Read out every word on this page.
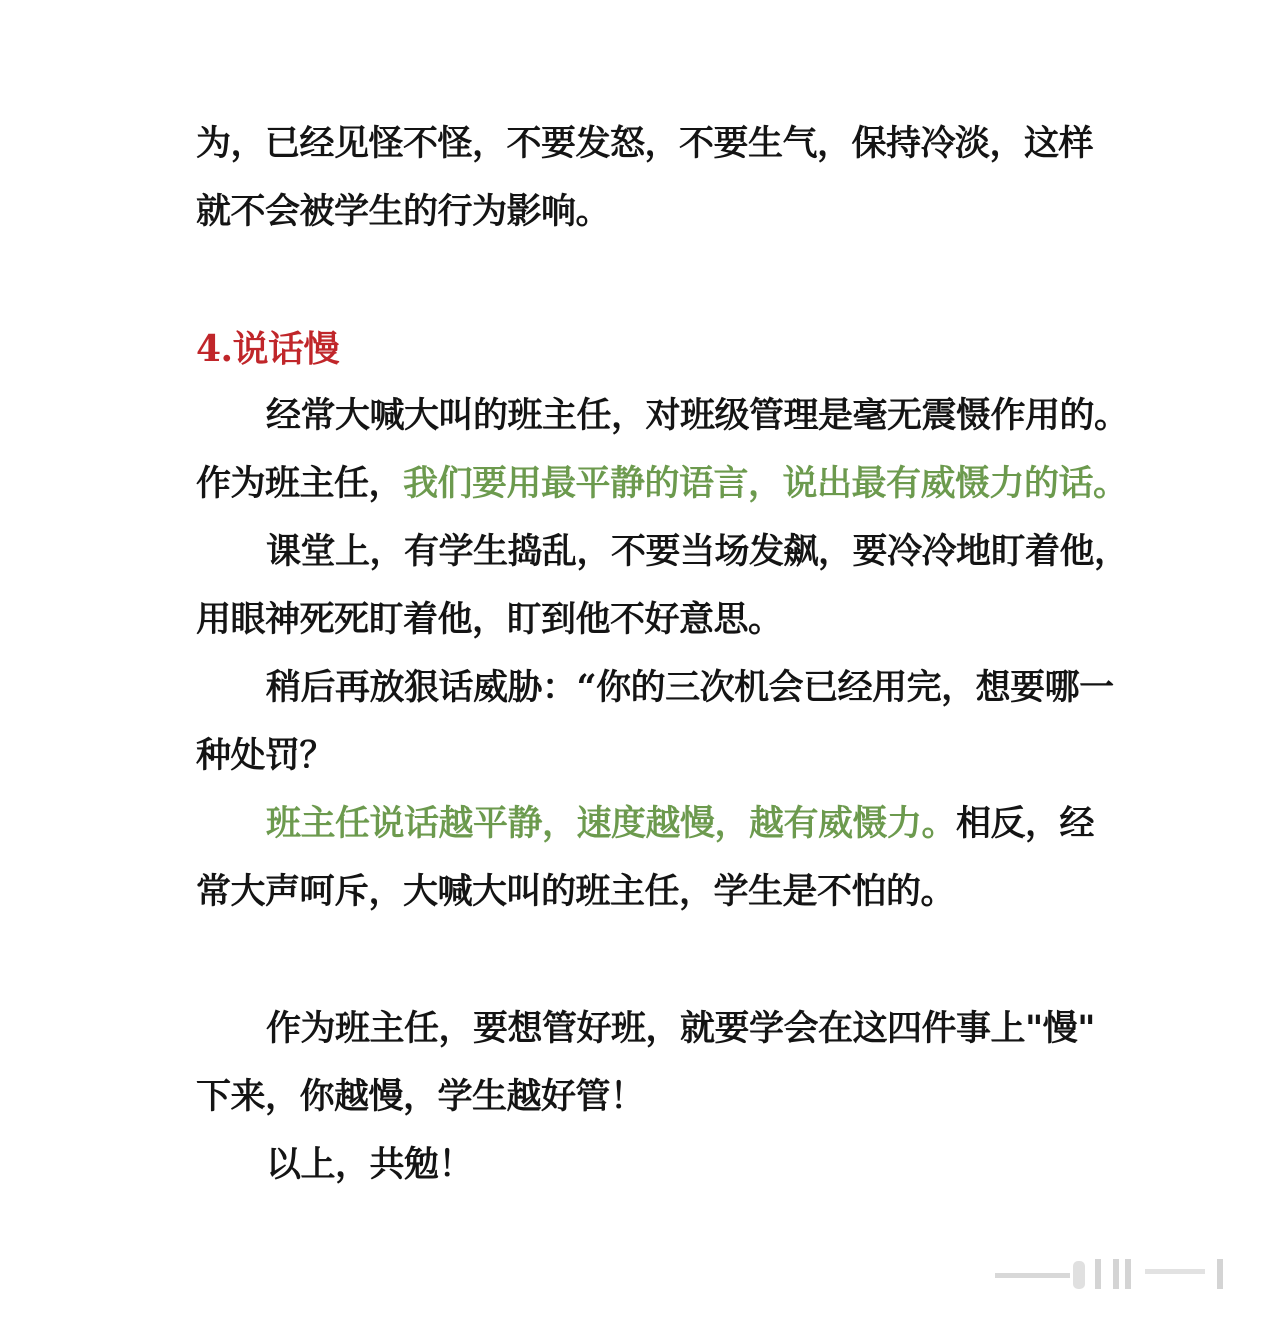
为，已经见怪不怪，不要发怒，不要生气，保持冷淡，这样
就不会被学生的行为影响。
4.说话慢
经常大喊大叫的班主任，对班级管理是毫无震慑作用的。
作为班主任，我们要用最平静的语言，说出最有威慑力的话。
课堂上，有学生捣乱，不要当场发飙，要冷冷地盯着他，
用眼神死死盯着他，盯到他不好意思。
稍后再放狠话威胁：“你的三次机会已经用完，想要哪一
种处罚？
班主任说话越平静，速度越慢，越有威慑力。相反，经
常大声呵斥，大喊大叫的班主任，学生是不怕的。
作为班主任，要想管好班，就要学会在这四件事上"慢"
下来，你越慢，学生越好管！
以上，共勉！
